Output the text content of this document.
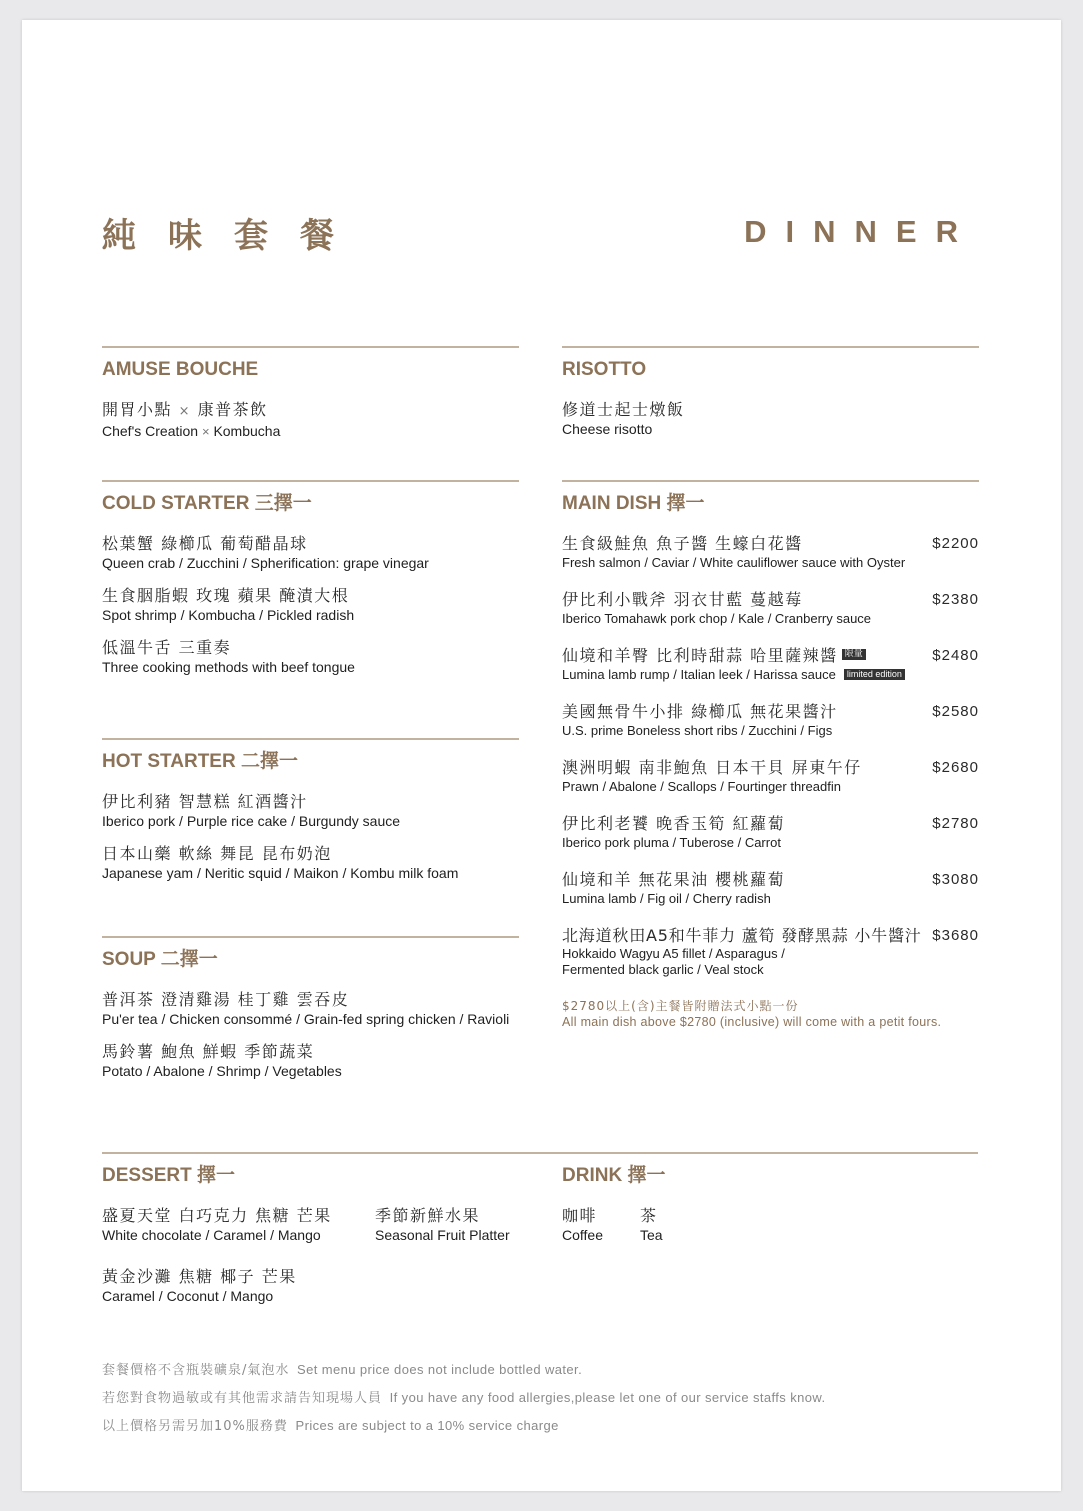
純味套餐	DINNER
AMUSE BOUCHE
開胃小點 × 康普茶飲
Chef's Creation × Kombucha
RISOTTO
修道士起士燉飯
Cheese risotto
COLD STARTER 三擇一
松葉蟹 綠櫛瓜 葡萄醋晶球
Queen crab / Zucchini / Spherification: grape vinegar
生食胭脂蝦 玫瑰 蘋果 醃漬大根
Spot shrimp / Kombucha / Pickled radish
低溫牛舌 三重奏
Three cooking methods with beef tongue
MAIN DISH 擇一
生食級鮭魚 魚子醬 生蠔白花醬
Fresh salmon / Caviar / White cauliflower sauce with Oyster
$2200
伊比利小戰斧 羽衣甘藍 蔓越莓
Iberico Tomahawk pork chop / Kale / Cranberry sauce
$2380
仙境和羊臀 比利時甜蒜 哈里薩辣醬 限量
Lumina lamb rump / Italian leek / Harissa sauce limited edition
$2480
美國無骨牛小排 綠櫛瓜 無花果醬汁
U.S. prime Boneless short ribs / Zucchini / Figs
$2580
澳洲明蝦 南非鮑魚 日本干貝 屏東午仔
Prawn / Abalone / Scallops / Fourtinger threadfin
$2680
伊比利老饕 晚香玉筍 紅蘿蔔
Iberico pork pluma / Tuberose / Carrot
$2780
仙境和羊 無花果油 櫻桃蘿蔔
Lumina lamb / Fig oil / Cherry radish
$3080
北海道秋田A5和牛菲力 蘆筍 發酵黑蒜 小牛醬汁
Hokkaido Wagyu A5 fillet / Asparagus /
Fermented black garlic / Veal stock
$3680
$2780以上(含)主餐皆附贈法式小點一份
All main dish above $2780 (inclusive) will come with a petit fours.
HOT STARTER 二擇一
伊比利豬 智慧糕 紅酒醬汁
Iberico pork / Purple rice cake / Burgundy sauce
日本山藥 軟絲 舞昆 昆布奶泡
Japanese yam / Neritic squid / Maikon / Kombu milk foam
SOUP 二擇一
普洱茶 澄清雞湯 桂丁雞 雲吞皮
Pu'er tea / Chicken consommé / Grain-fed spring chicken / Ravioli
馬鈴薯 鮑魚 鮮蝦 季節蔬菜
Potato / Abalone / Shrimp / Vegetables
DESSERT 擇一
盛夏天堂 白巧克力 焦糖 芒果
White chocolate / Caramel / Mango
季節新鮮水果
Seasonal Fruit Platter
黃金沙灘 焦糖 椰子 芒果
Caramel / Coconut / Mango
DRINK 擇一
咖啡
Coffee
茶
Tea
套餐價格不含瓶裝礦泉/氣泡水 Set menu price does not include bottled water.
若您對食物過敏或有其他需求請告知現場人員 If you have any food allergies,please let one of our service staffs know.
以上價格另需另加10%服務費 Prices are subject to a 10% service charge
